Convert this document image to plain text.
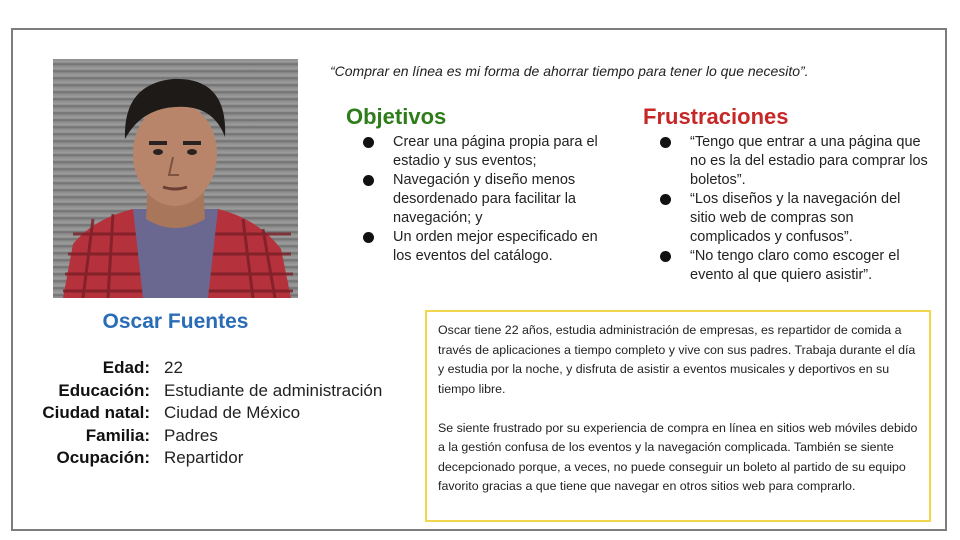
“Comprar en línea es mi forma de ahorrar tiempo para tener lo que necesito”.
Objetivos
Crear una página propia para el estadio y sus eventos;
Navegación y diseño menos desordenado para facilitar la navegación; y
Un orden mejor especificado en los eventos del catálogo.
Frustraciones
“Tengo que entrar a una página que no es la del estadio para comprar los boletos”.
“Los diseños y la navegación del sitio web de compras son complicados y confusos”.
“No tengo claro como escoger el evento al que quiero asistir”.
Oscar Fuentes
Edad: 22
Educación: Estudiante de administración
Ciudad natal: Ciudad de México
Familia: Padres
Ocupación: Repartidor

Oscar tiene 22 años, estudia administración de empresas, es repartidor de comida a través de aplicaciones a tiempo completo y vive con sus padres. Trabaja durante el día y estudia por la noche, y disfruta de asistir a eventos musicales y deportivos en su tiempo libre.

Se siente frustrado por su experiencia de compra en línea en sitios web móviles debido a la gestión confusa de los eventos y la navegación complicada. También se siente decepcionado porque, a veces, no puede conseguir un boleto al partido de su equipo favorito gracias a que tiene que navegar en otros sitios web para comprarlo.
